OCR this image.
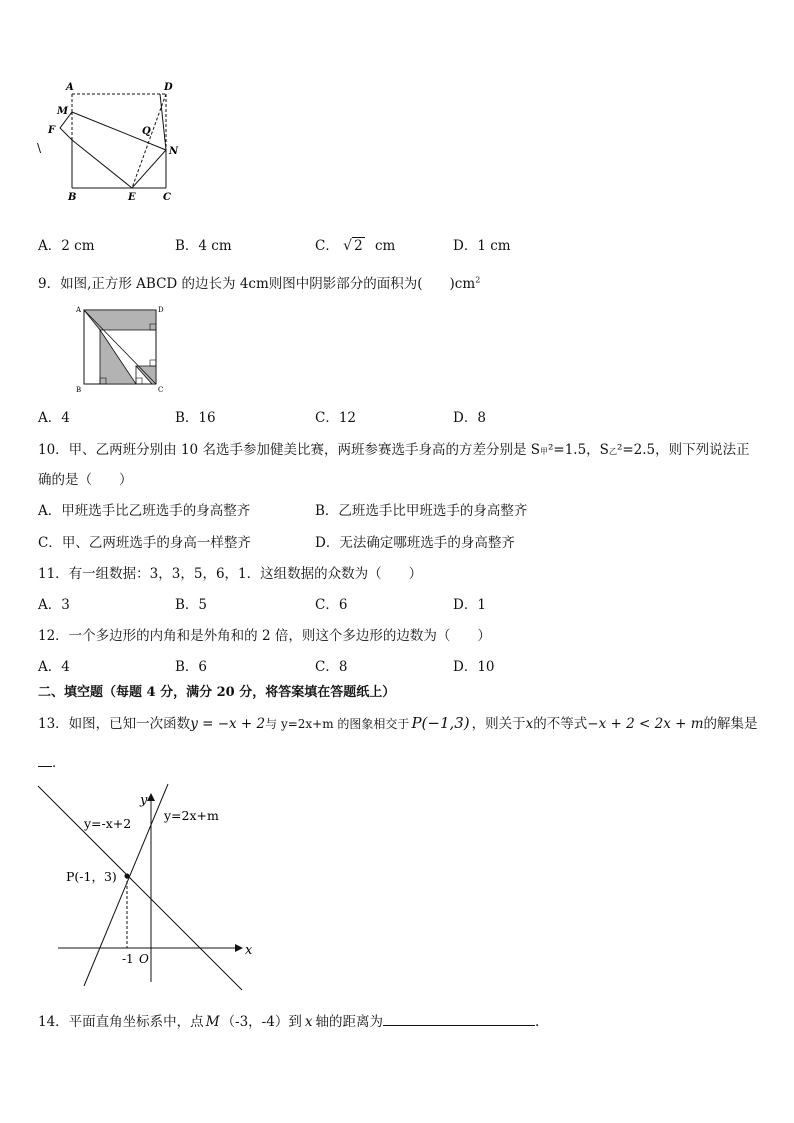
A	D
M
F	Q
N
B	E	C
\
A．2 cm	B．4 cm	C． √ 2 cm	D．1 cm
9．如图,正方形 ABCD 的边长为 4cm则图中阴影部分的面积为(　　)$cm^2$
A	D
B	C
A．4	B．16	C．12	D．8
10．甲、乙两班分别由 10 名选手参加健美比赛，两班参赛选手身高的方差分别是 S甲²=1.5，S乙²=2.5，则下列说法正
确的是（　　）
A．甲班选手比乙班选手的身高整齐	B．乙班选手比甲班选手的身高整齐
C．甲、乙两班选手的身高一样整齐	D．无法确定哪班选手的身高整齐
11．有一组数据：3，3，5，6，1．这组数据的众数为（　　）
A．3	B．5	C．6	D．1
12．一个多边形的内角和是外角和的 2 倍，则这个多边形的边数为（　　）
A．4	B．6	C．8	D．10
二、填空题（每题 4 分，满分 20 分，将答案填在答题纸上）
13．如图，已知一次函数y = −x + 2与 y=2x+m 的图象相交于 P(−1,3) ，则关于x的不等式−x + 2 < 2x + m的解集是
．
y
x
y=-x+2
y=2x+m
P(-1，3)
-1 O
14．平面直角坐标系中，点 M （-3，-4）到 x 轴的距离为	.
